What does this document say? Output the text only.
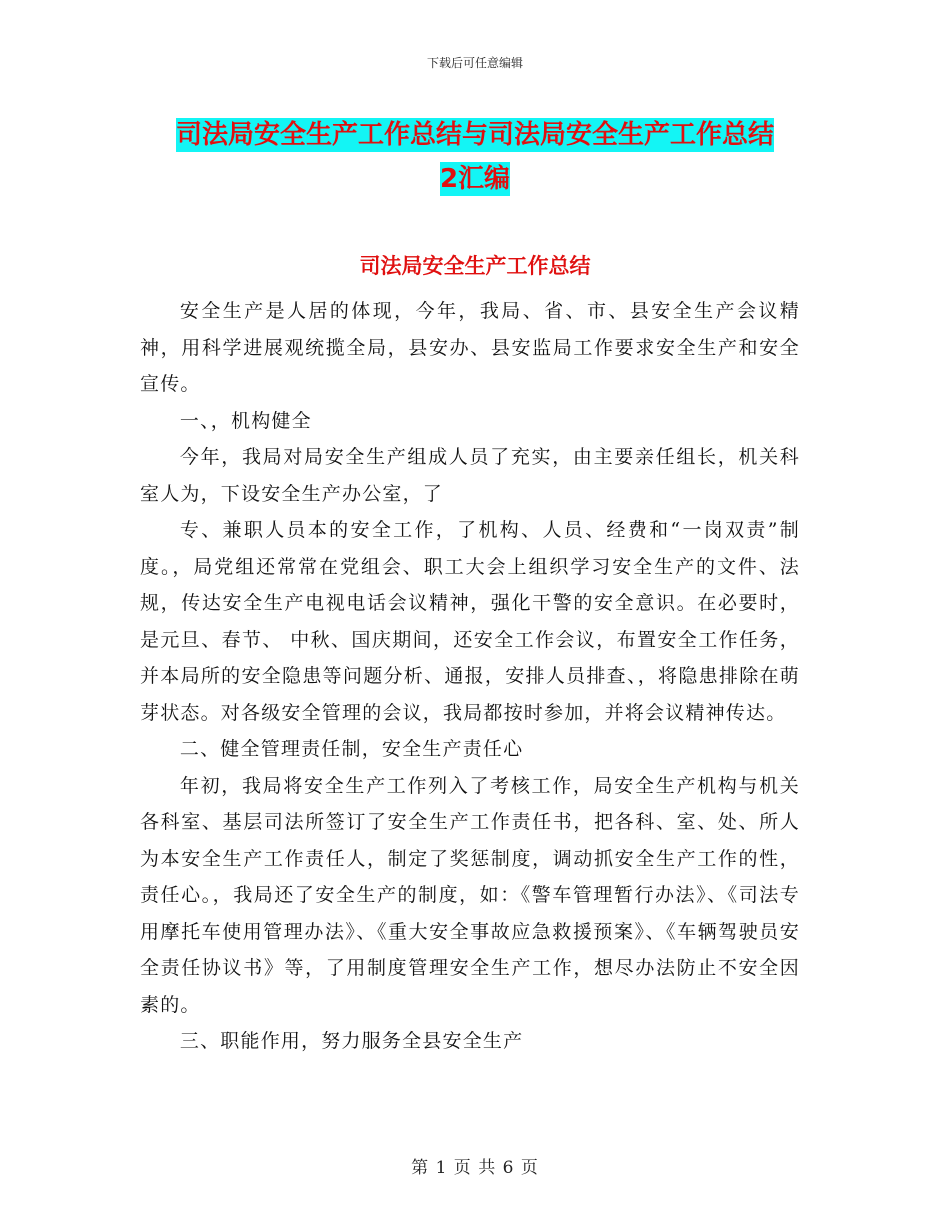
下载后可任意编辑
司法局安全生产工作总结与司法局安全生产工作总结
2汇编
司法局安全生产工作总结

安全生产是人居的体现，今年，我局、省、市、县安全生产会议精神，用科学进展观统揽全局，县安办、县安监局工作要求安全生产和安全宣传。

一、，机构健全

今年，我局对局安全生产组成人员了充实，由主要亲任组长，机关科室人为，下设安全生产办公室，了

专、兼职人员本的安全工作，了机构、人员、经费和“一岗双责”制度。，局党组还常常在党组会、职工大会上组织学习安全生产的文件、法规，传达安全生产电视电话会议精神，强化干警的安全意识。在必要时，是元旦、春节、 中秋、国庆期间，还安全工作会议，布置安全工作任务，并本局所的安全隐患等问题分析、通报，安排人员排查、，将隐患排除在萌芽状态。对各级安全管理的会议，我局都按时参加，并将会议精神传达。

二、健全管理责任制，安全生产责任心

年初，我局将安全生产工作列入了考核工作，局安全生产机构与机关各科室、基层司法所签订了安全生产工作责任书，把各科、室、处、所人为本安全生产工作责任人，制定了奖惩制度，调动抓安全生产工作的性，责任心。，我局还了安全生产的制度，如：《警车管理暂行办法》、《司法专用摩托车使用管理办法》、《重大安全事故应急救援预案》、《车辆驾驶员安全责任协议书》等，了用制度管理安全生产工作，想尽办法防止不安全因素的。

三、职能作用，努力服务全县安全生产

第 1 页 共 6 页
